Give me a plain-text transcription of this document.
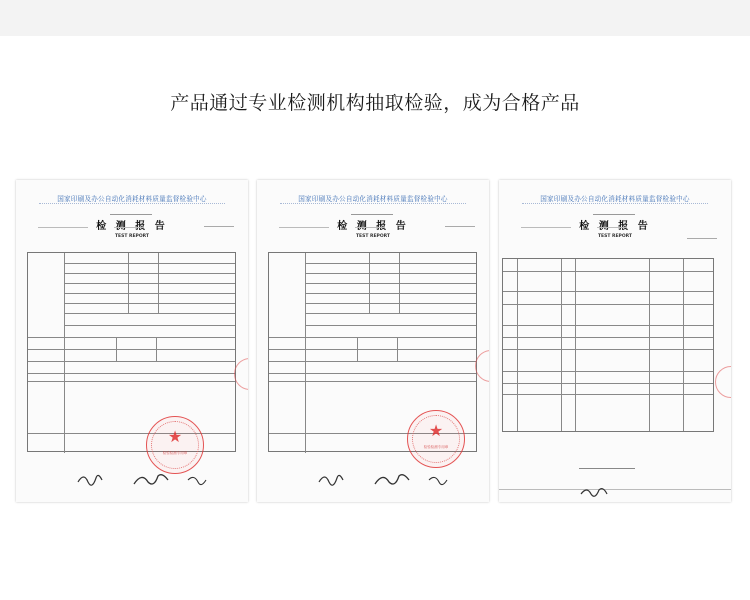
产品通过专业检测机构抽取检验，成为合格产品
国家印刷及办公自动化消耗材料质量监督检验中心
检 测 报 告
TEST REPORT
★
检验检测专用章
国家印刷及办公自动化消耗材料质量监督检验中心
检 测 报 告
TEST REPORT
★
检验检测专用章
国家印刷及办公自动化消耗材料质量监督检验中心
检 测 报 告
TEST REPORT
